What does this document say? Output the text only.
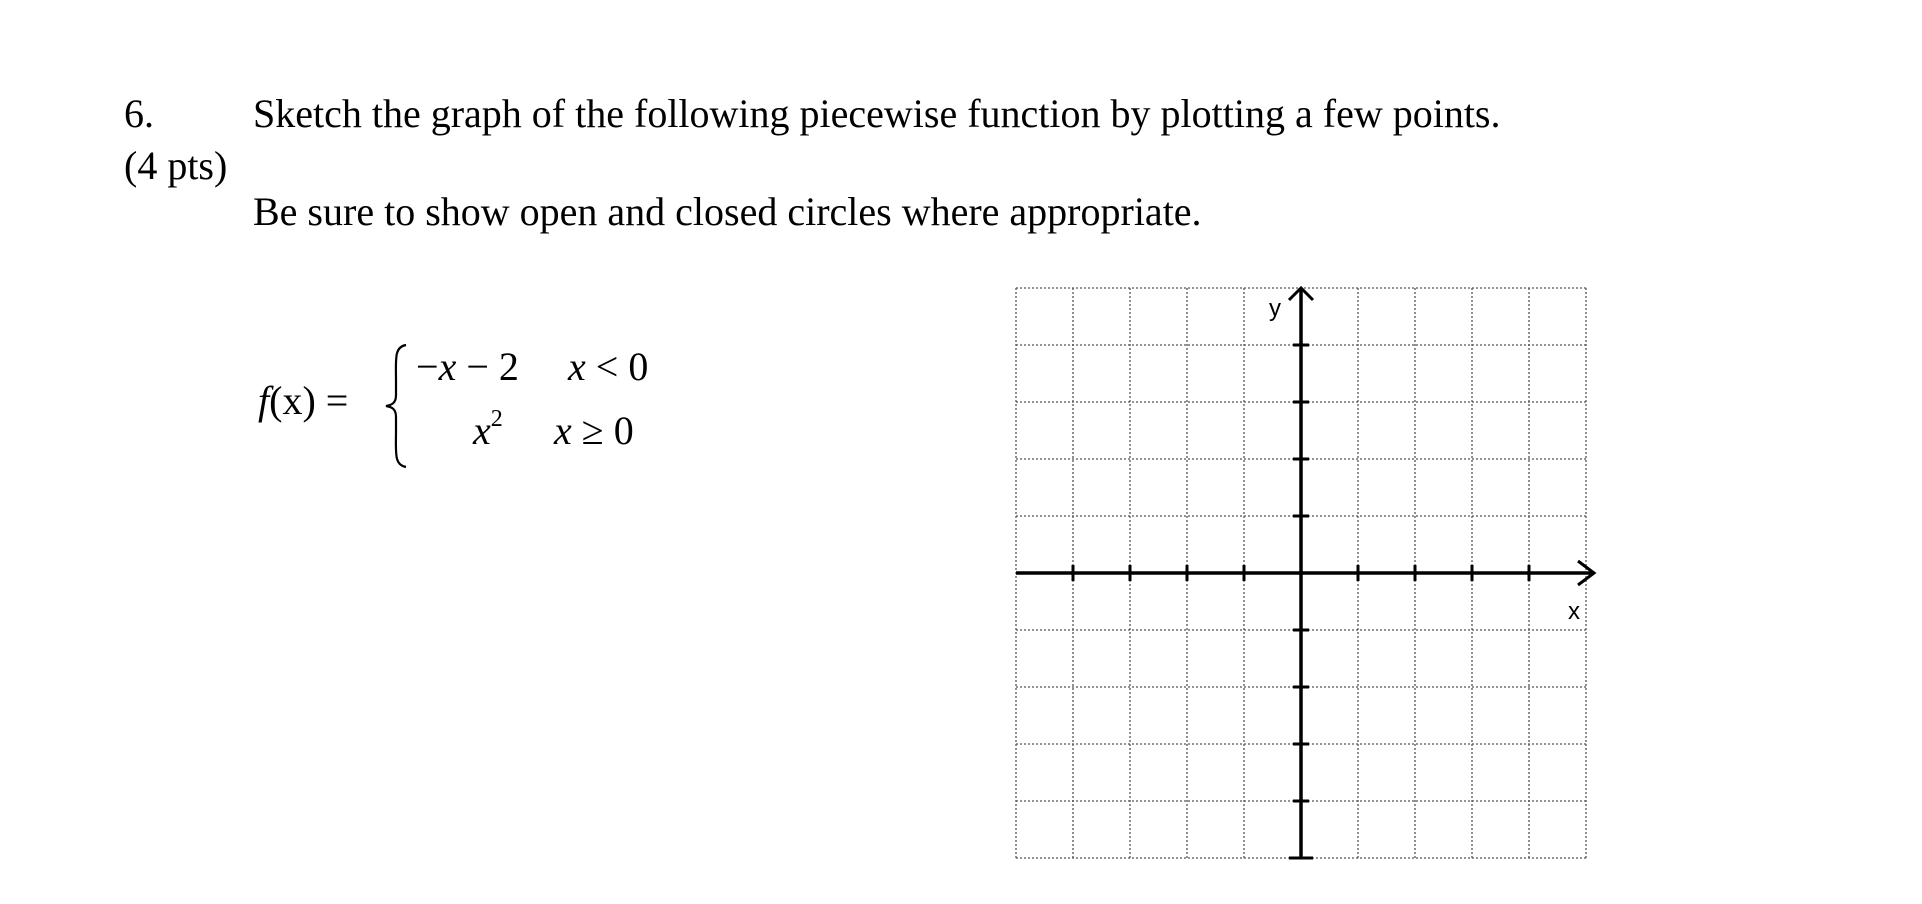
6.
(4 pts)
Sketch the graph of the following piecewise function by plotting a few points.
Be sure to show open and closed circles where appropriate.
f(x) =
−x − 2 x < 0
$x^2$ x ≥ 0
x
y
